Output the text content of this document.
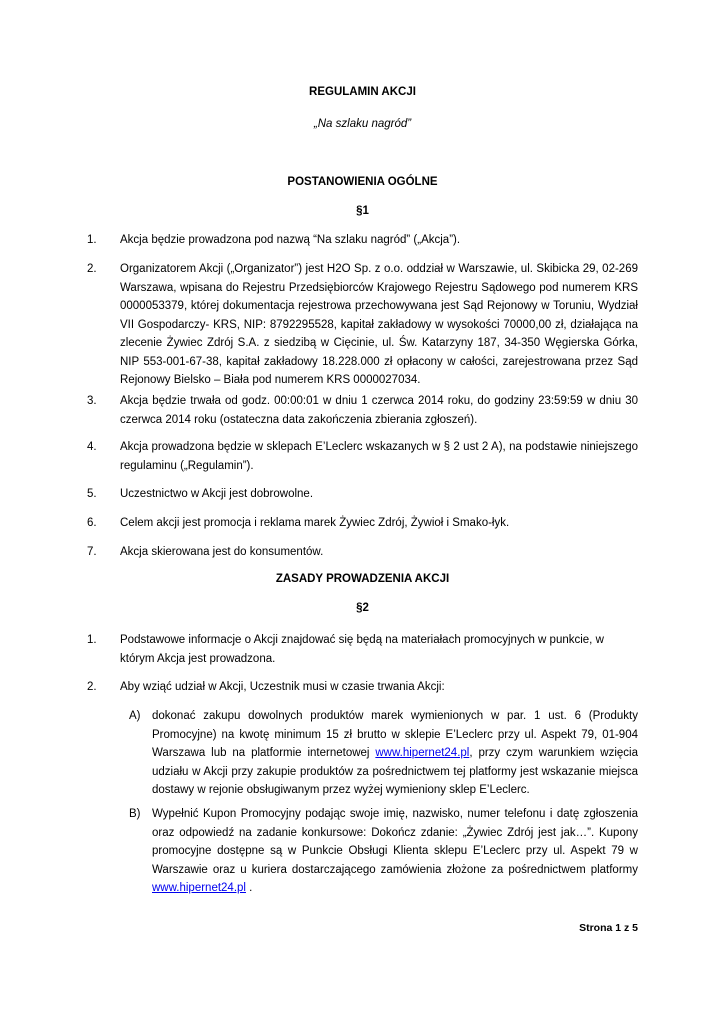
REGULAMIN AKCJI
„Na szlaku nagród”
POSTANOWIENIA OGÓLNE
§1
1.	Akcja będzie prowadzona pod nazwą “Na szlaku nagród” („Akcja”).
2.	Organizatorem Akcji („Organizator”) jest H2O Sp. z o.o. oddział w Warszawie, ul. Skibicka 29, 02-269 Warszawa, wpisana do Rejestru Przedsiębiorców Krajowego Rejestru Sądowego pod numerem KRS 0000053379, której dokumentacja rejestrowa przechowywana jest Sąd Rejonowy w Toruniu, Wydział VII Gospodarczy- KRS, NIP: 8792295528, kapitał zakładowy w wysokości 70000,00 zł, działająca na zlecenie Żywiec Zdrój S.A. z siedzibą w Cięcinie, ul. Św. Katarzyny 187, 34-350 Węgierska Górka, NIP 553-001-67-38, kapitał zakładowy 18.228.000 zł opłacony w całości, zarejestrowana przez Sąd Rejonowy Bielsko – Biała pod numerem KRS 0000027034.
3.	Akcja będzie trwała od godz. 00:00:01 w dniu 1 czerwca 2014 roku, do godziny 23:59:59 w dniu 30 czerwca 2014 roku (ostateczna data zakończenia zbierania zgłoszeń).
4.	Akcja prowadzona będzie w sklepach E’Leclerc wskazanych w § 2 ust 2 A), na podstawie niniejszego regulaminu („Regulamin”).
5.	Uczestnictwo w Akcji jest dobrowolne.
6.	Celem akcji jest promocja i reklama marek Żywiec Zdrój, Żywioł i Smako-łyk.
7.	Akcja skierowana jest do konsumentów.
ZASADY PROWADZENIA AKCJI
§2
1.	Podstawowe informacje o Akcji znajdować się będą na materiałach promocyjnych w punkcie, w którym Akcja jest prowadzona.
2.	Aby wziąć udział w Akcji, Uczestnik musi w czasie trwania Akcji:
A)	dokonać zakupu dowolnych produktów marek wymienionych w par. 1 ust. 6 (Produkty Promocyjne) na kwotę minimum 15 zł brutto w sklepie E’Leclerc przy ul. Aspekt 79, 01-904 Warszawa lub na platformie internetowej www.hipernet24.pl, przy czym warunkiem wzięcia udziału w Akcji przy zakupie produktów za pośrednictwem tej platformy jest wskazanie miejsca dostawy w rejonie obsługiwanym przez wyżej wymieniony sklep E’Leclerc.
B)	Wypełnić Kupon Promocyjny podając swoje imię, nazwisko, numer telefonu i datę zgłoszenia oraz odpowiedź na zadanie konkursowe: Dokończ zdanie: „Żywiec Zdrój jest jak…”. Kupony promocyjne dostępne są w Punkcie Obsługi Klienta sklepu E’Leclerc przy ul. Aspekt 79 w Warszawie oraz u kuriera dostarczającego zamówienia złożone za pośrednictwem platformy www.hipernet24.pl .
Strona 1 z 5
